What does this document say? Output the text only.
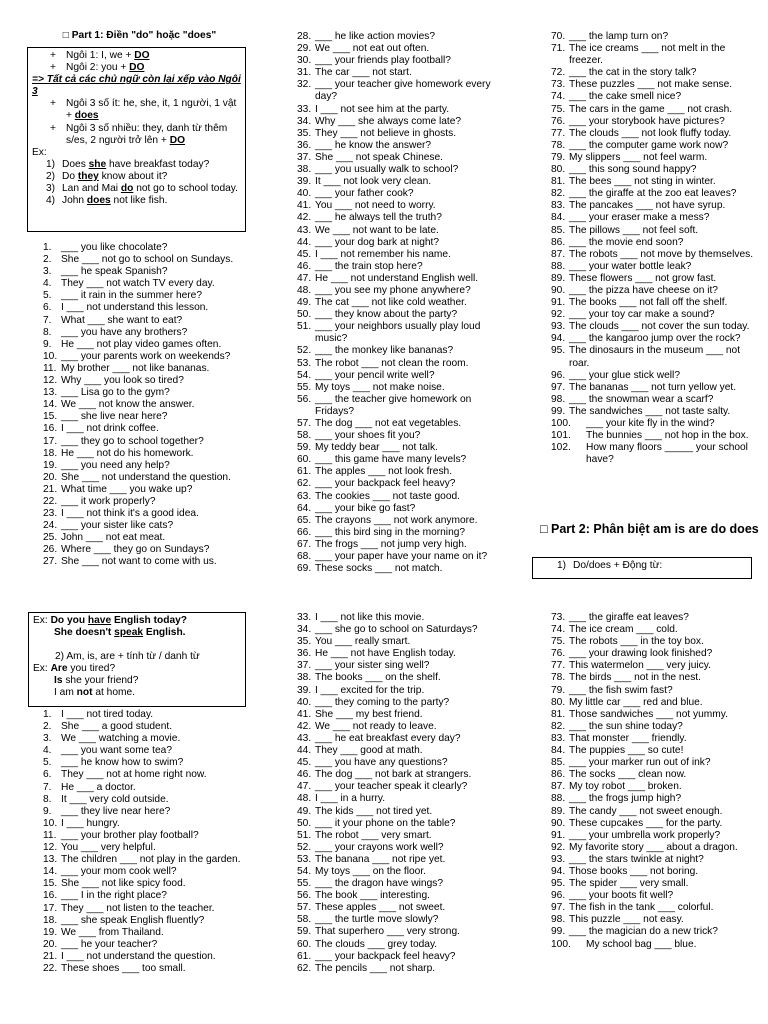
□ Part 1: Điền "do" hoặc "does"
+ Ngôi 1: I, we + DO
+ Ngôi 2: you + DO
=> Tất cả các chủ ngữ còn lại xếp vào Ngôi 3
+ Ngôi 3 số ít: he, she, it, 1 người, 1 vật + does
+ Ngôi 3 số nhiều: they, danh từ thêm s/es, 2 người trở lên + DO
Ex:
1) Does she have breakfast today?
2) Do they know about it?
3) Lan and Mai do not go to school today.
4) John does not like fish.
1. ___ you like chocolate?
2. She ___ not go to school on Sundays.
3. ___ he speak Spanish?
4. They ___ not watch TV every day.
5. ___ it rain in the summer here?
6. I ___ not understand this lesson.
7. What ___ she want to eat?
8. ___ you have any brothers?
9. He ___ not play video games often.
10. ___ your parents work on weekends?
11. My brother ___ not like bananas.
12. Why ___ you look so tired?
13. ___ Lisa go to the gym?
14. We ___ not know the answer.
15. ___ she live near here?
16. I ___ not drink coffee.
17. ___ they go to school together?
18. He ___ not do his homework.
19. ___ you need any help?
20. She ___ not understand the question.
21. What time ___ you wake up?
22. ___ it work properly?
23. I ___ not think it's a good idea.
24. ___ your sister like cats?
25. John ___ not eat meat.
26. Where ___ they go on Sundays?
27. She ___ not want to come with us.
28. ___ he like action movies?
29. We ___ not eat out often.
30. ___ your friends play football?
31. The car ___ not start.
32. ___ your teacher give homework every day?
33. I ___ not see him at the party.
34. Why ___ she always come late?
35. They ___ not believe in ghosts.
36. ___ he know the answer?
37. She ___ not speak Chinese.
38. ___ you usually walk to school?
39. It ___ not look very clean.
40. ___ your father cook?
41. You ___ not need to worry.
42. ___ he always tell the truth?
43. We ___ not want to be late.
44. ___ your dog bark at night?
45. I ___ not remember his name.
46. ___ the train stop here?
47. He ___ not understand English well.
48. ___ you see my phone anywhere?
49. The cat ___ not like cold weather.
50. ___ they know about the party?
51. ___ your neighbors usually play loud music?
52. ___ the monkey like bananas?
53. The robot ___ not clean the room.
54. ___ your pencil write well?
55. My toys ___ not make noise.
56. ___ the teacher give homework on Fridays?
57. The dog ___ not eat vegetables.
58. ___ your shoes fit you?
59. My teddy bear ___ not talk.
60. ___ this game have many levels?
61. The apples ___ not look fresh.
62. ___ your backpack feel heavy?
63. The cookies ___ not taste good.
64. ___ your bike go fast?
65. The crayons ___ not work anymore.
66. ___ this bird sing in the morning?
67. The frogs ___ not jump very high.
68. ___ your paper have your name on it?
69. These socks ___ not match.
70. ___ the lamp turn on?
71. The ice creams ___ not melt in the freezer.
72. ___ the cat in the story talk?
73. These puzzles ___ not make sense.
74. ___ the cake smell nice?
75. The cars in the game ___ not crash.
76. ___ your storybook have pictures?
77. The clouds ___ not look fluffy today.
78. ___ the computer game work now?
79. My slippers ___ not feel warm.
80. ___ this song sound happy?
81. The bees ___ not sting in winter.
82. ___ the giraffe at the zoo eat leaves?
83. The pancakes ___ not have syrup.
84. ___ your eraser make a mess?
85. The pillows ___ not feel soft.
86. ___ the movie end soon?
87. The robots ___ not move by themselves.
88. ___ your water bottle leak?
89. These flowers ___ not grow fast.
90. ___ the pizza have cheese on it?
91. The books ___ not fall off the shelf.
92. ___ your toy car make a sound?
93. The clouds ___ not cover the sun today.
94. ___ the kangaroo jump over the rock?
95. The dinosaurs in the museum ___ not roar.
96. ___ your glue stick well?
97. The bananas ___ not turn yellow yet.
98. ___ the snowman wear a scarf?
99. The sandwiches ___ not taste salty.
100. ___ your kite fly in the wind?
101. The bunnies ___ not hop in the box.
102. How many floors _____ your school have?
□ Part 2: Phân biệt am is are do does
1) Do/does + Động từ:
Ex: Do you have English today?
She doesn't speak English.
2) Am, is, are + tính từ / danh từ
Ex: Are you tired?
Is she your friend?
I am not at home.
1. I ___ not tired today.
2. She ___ a good student.
3. We ___ watching a movie.
4. ___ you want some tea?
5. ___ he know how to swim?
6. They ___ not at home right now.
7. He ___ a doctor.
8. It ___ very cold outside.
9. ___ they live near here?
10. I ___ hungry.
11. ___ your brother play football?
12. You ___ very helpful.
13. The children ___ not play in the garden.
14. ___ your mom cook well?
15. She ___ not like spicy food.
16. ___ I in the right place?
17. They ___ not listen to the teacher.
18. ___ she speak English fluently?
19. We ___ from Thailand.
20. ___ he your teacher?
21. I ___ not understand the question.
22. These shoes ___ too small.
33. I ___ not like this movie.
34. ___ she go to school on Saturdays?
35. You ___ really smart.
36. He ___ not have English today.
37. ___ your sister sing well?
38. The books ___ on the shelf.
39. I ___ excited for the trip.
40. ___ they coming to the party?
41. She ___ my best friend.
42. We ___ not ready to leave.
43. ___ he eat breakfast every day?
44. They ___ good at math.
45. ___ you have any questions?
46. The dog ___ not bark at strangers.
47. ___ your teacher speak it clearly?
48. I ___ in a hurry.
49. The kids ___ not tired yet.
50. ___ it your phone on the table?
51. The robot ___ very smart.
52. ___ your crayons work well?
53. The banana ___ not ripe yet.
54. My toys ___ on the floor.
55. ___ the dragon have wings?
56. The book ___ interesting.
57. These apples ___ not sweet.
58. ___ the turtle move slowly?
59. That superhero ___ very strong.
60. The clouds ___ grey today.
61. ___ your backpack feel heavy?
62. The pencils ___ not sharp.
73. ___ the giraffe eat leaves?
74. The ice cream ___ cold.
75. The robots ___ in the toy box.
76. ___ your drawing look finished?
77. This watermelon ___ very juicy.
78. The birds ___ not in the nest.
79. ___ the fish swim fast?
80. My little car ___ red and blue.
81. Those sandwiches ___ not yummy.
82. ___ the sun shine today?
83. That monster ___ friendly.
84. The puppies ___ so cute!
85. ___ your marker run out of ink?
86. The socks ___ clean now.
87. My toy robot ___ broken.
88. ___ the frogs jump high?
89. The candy ___ not sweet enough.
90. These cupcakes ___ for the party.
91. ___ your umbrella work properly?
92. My favorite story ___ about a dragon.
93. ___ the stars twinkle at night?
94. Those books ___ not boring.
95. The spider ___ very small.
96. ___ your boots fit well?
97. The fish in the tank ___ colorful.
98. This puzzle ___ not easy.
99. ___ the magician do a new trick?
100. My school bag ___ blue.
